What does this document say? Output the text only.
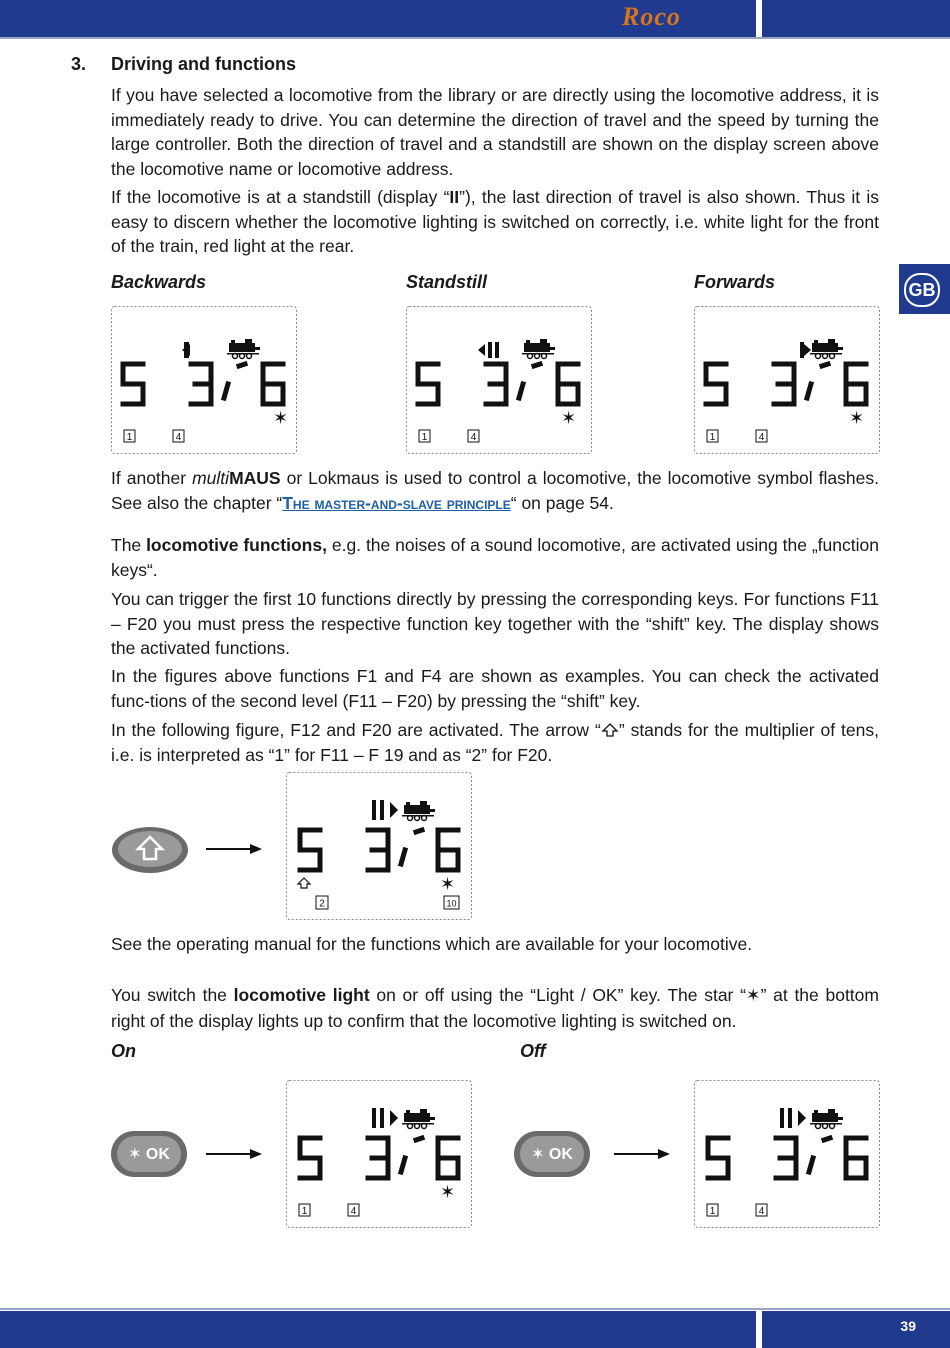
Roco
GB
3. Driving and functions
If you have selected a locomotive from the library or are directly using the locomotive address, it is immediately ready to drive. You can determine the direction of travel and the speed by turning the large controller. Both the direction of travel and a standstill are shown on the display screen above the locomotive name or locomotive address.
If the locomotive is at a standstill (display “II”), the last direction of travel is also shown. Thus it is easy to discern whether the locomotive lighting is switched on correctly, i.e. white light for the front of the train, red light at the rear.
Backwards	Standstill	Forwards
✶
1	4
✶
1	4
✶
1	4
If another multiMAUS or Lokmaus is used to control a locomotive, the locomotive symbol flashes. See also the chapter “The master-and-slave principle“ on page 54.
The locomotive functions, e.g. the noises of a sound locomotive, are activated using the „function keys“.
You can trigger the first 10 functions directly by pressing the corresponding keys. For functions F11 – F20 you must press the respective function key together with the “shift” key. The display shows the activated functions.
In the figures above functions F1 and F4 are shown as examples. You can check the activated func-tions of the second level (F11 – F20) by pressing the “shift” key.
In the following figure, F12 and F20 are activated. The arrow “ ” stands for the multiplier of tens, i.e. is interpreted as “1” for F11 – F 19 and as “2” for F20.
✶
2	10
See the operating manual for the functions which are available for your locomotive.
You switch the locomotive light on or off using the “Light / OK” key. The star “✶” at the bottom right of the display lights up to confirm that the locomotive lighting is switched on.
On	Off
✶ OK
✶
1	4
✶ OK
1	4
39
